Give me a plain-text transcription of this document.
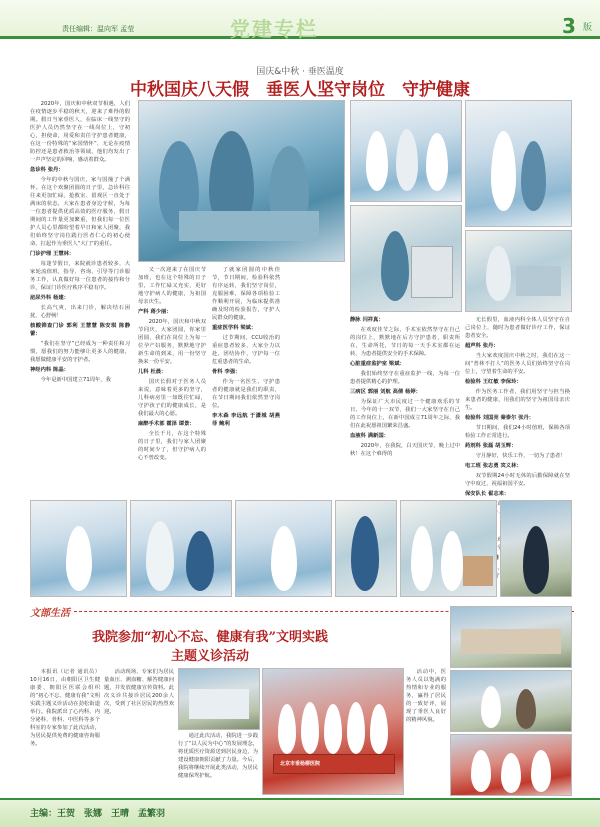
责任编辑：温向军 孟莹	党建专栏	3 版
国庆&中秋 · 垂医温度
中秋国庆八天假　垂医人坚守岗位　守护健康

2020年，国庆和中秋双节相遇，人们在疫情逐步平稳的秋天，迎来了难得的假期。假日当家垂医人，在临床一线坚守的医护人员仍然坚守在一线岗位上，守初心，担使命，用爱和责任守护患者健康，在这一份特殊的“家国情怀”，无论在疫情防控还是患者救治等领域，他们均发出了一声声坚定的回响，感动着群众。

急诊科 张丹：

今年的中秋与国庆，家与国撞了个满怀。在这个欢聚团圆的日子里，急诊科往往来更加忙碌，抢救室、留观区一直处于满床的状态，大家在患者身边守候，为每一位患者提供优质高效的医疗服务，假日期间的工作量更加繁重，但我们每一位医护人员心里都盼望着早日和家人团聚，我们始终坚守岗位践行医者仁心的初心使命，扛起作为垂医人“大门”的重任。

门诊护理 王慧林：

每逢节假日，来院就诊患者较多，大家轮流值班，指导、咨询、引导等门诊服务工作，认真做好每一位患者的接待和分诊，保证门诊医疗秩序平稳有序。

泌尿外科 杨建：

长高气爽，出来门诊，解决结石困扰，心舒畅！

核酸筛查门诊 郭利 王慧慧 陈安琪 陈静蕾：

“我们在坚守”已经成为一种责任和习惯，愿我们的努力能够让更多人的健康，我愿做健康平安的守护者。

神经内科 陈晶：

今年是新中国建立71周年，我

又一次迎来了在国庆节加班，也在这个特殊的日子里，工作忙碌又充实，更好地守护病人的健康，为祖国母亲庆生。

产科 蒋少丽：

2020年，国庆和中秋双节同庆，大家团圆，你家里团圆，我们在岗位上为每一位孕产妇服务，默默地守护新生命的到来，用一份坚守换来一份平安。

儿科 杜晨：

国庆长假对于医务人员来说，意味着更多的坚守，儿科病房里一如既往忙碌，守护孩子们的健康成长，是我们最大的心愿。

麻醉手术部 霍泽 谭景：

全长千月，在这个特殊的日子里，我们与家人团聚的时间少了，但守护病人的心不曾改变。

了就家团圆的中秋佳节，节日期间，检验科依然有序运转，我们坚守岗位，克服困难，保障各项检验工作顺利开展，为临床提供准确及时的检验报告，守护人民群众的健康。

重症医学科 梁斌：

过节期间，CCU收治的重症患者较多，大家全力以赴，团结协作，守护每一位危重患者的生命。

骨科 李强：

作为一名医生，守护患者的健康就是我们的职责，在节日期间我们依然坚守岗位。

李木森 李远航 于潇城 胡燕菲 鲍利

静脉 闫祥真：

在欢度佳节之际，手术室依然坚守在自己的岗位上，默默地在后方守护患者，职责所在，生命所托，节日的每一天手术室都在运转，为患者提供安全的手术保障。

心脏重症监护室 梁斌：

我们始终坚守在重症监护一线，为每一位患者提供精心的护理。

三病区 郭丽 刘航 高倩 杨婷：

为保证广大市民度过一个健康欢乐的节日，今年的十一双节，我们一大家坚守在自己的工作岗位上，在新中国成立71周年之际，我们在此祝愿祖国繁荣昌盛。

血液科 满新国：

2020年，在我院，白天国庆节，晚上过中秋！在这个难得的

无长假里，血液内科全体人员坚守在自己岗位上，随时为患者做好诊疗工作，保证患者安全。

超声科 张丹：

当大家欢度国庆中秋之时，我们在这一间“普林不打人”的医务人员们始终坚守在岗位上，守望着生命的平安。

检验科 王红敏 李保玲：

作为医务工作者，我们用坚守与担当换来患者的健康，用我们的坚守为祖国母亲庆生。

检验科 刘国亮 秦泰尔 张丹：

节日期间，我们24小时值班，保障各项检验工作正常进行。

药剂科 张磊 胡玉辉：

守月静好，快乐工作，一切为了患者！

电工班 张志勇 宾义林：

双节假期24小时无休的后勤保障就在坚守中度过，祝福祖国平安。

保安队长 翟志来：

文部生活
我院参加“初心不忘、健康有我”文明实践
主题义诊活动

本报讯（记者 通讯员）10月16日，由朝阳区卫生健康委、朝阳区医联会组织的“初心不忘、健康有我”文明实践主题义诊活动在劲松街道举行。我院派出了心内科、内分泌科、骨科、中医科等多个科室的专家参加了此次活动，为居民提供免费的健康咨询服务。

活动现场，专家们为居民量血压、测血糖、解答健康问题，并发放健康宣传资料。此次义诊共接诊居民200余人次，受到了社区居民的热烈欢迎。

通过此次活动，我院进一步践行了“以人民为中心”的发展理念，将优质医疗资源送到居民身边，为建设健康朝阳贡献了力量。今后，我院将继续开展此类活动，为居民健康保驾护航。

北京市垂杨柳医院

活动中，医务人员以饱满的热情和专业的服务，赢得了居民的一致好评，展现了垂医人良好的精神风貌。

主编：王贺　张娜　王晴　孟繁羽
